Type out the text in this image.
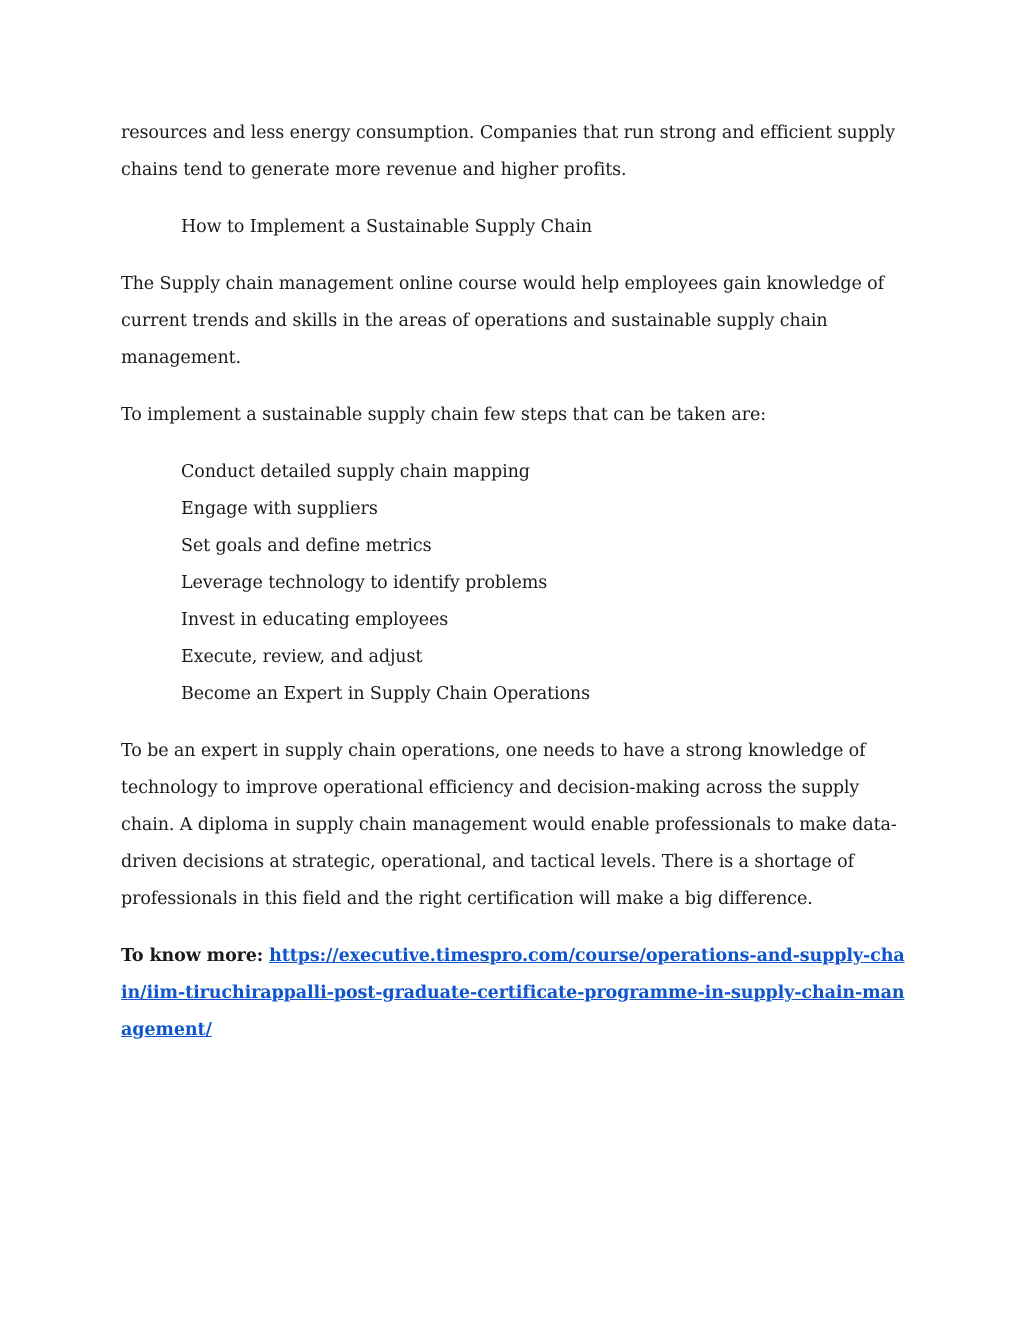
resources and less energy consumption. Companies that run strong and efficient supply chains tend to generate more revenue and higher profits.

How to Implement a Sustainable Supply Chain

The Supply chain management online course would help employees gain knowledge of current trends and skills in the areas of operations and sustainable supply chain management.

To implement a sustainable supply chain few steps that can be taken are:

Conduct detailed supply chain mapping
Engage with suppliers
Set goals and define metrics
Leverage technology to identify problems
Invest in educating employees
Execute, review, and adjust
Become an Expert in Supply Chain Operations

To be an expert in supply chain operations, one needs to have a strong knowledge of technology to improve operational efficiency and decision-making across the supply chain. A diploma in supply chain management would enable professionals to make data-driven decisions at strategic, operational, and tactical levels. There is a shortage of professionals in this field and the right certification will make a big difference.

To know more: https://executive.timespro.com/course/operations-and-supply-chain/iim-tiruchirappalli-post-graduate-certificate-programme-in-supply-chain-management/
